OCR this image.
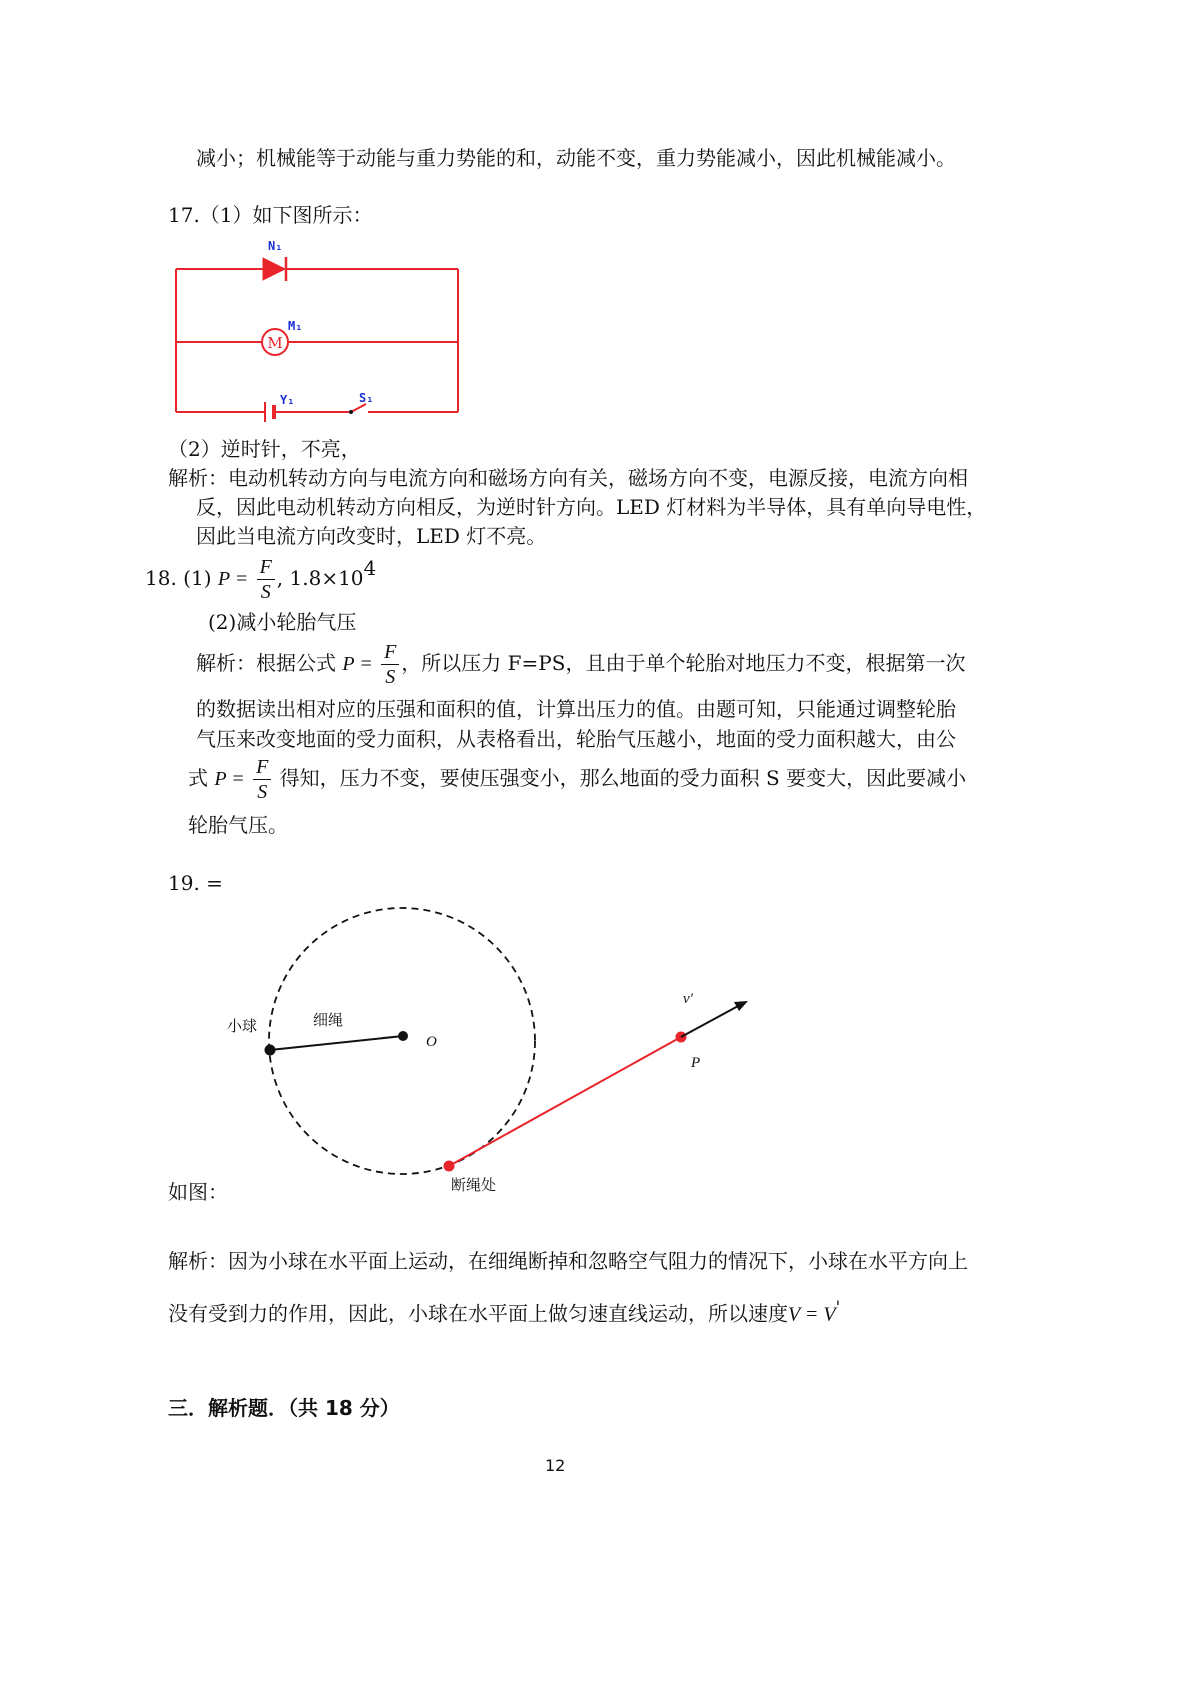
减小；机械能等于动能与重力势能的和，动能不变，重力势能减小，因此机械能减小。
17.（1）如下图所示：
N₁
M
M₁
Y₁	S₁
（2）逆时针，不亮，
解析：电动机转动方向与电流方向和磁场方向有关，磁场方向不变，电源反接，电流方向相
反，因此电动机转动方向相反，为逆时针方向。LED 灯材料为半导体，具有单向导电性，
因此当电流方向改变时，LED 灯不亮。
18. (1) $P = \frac{F}{S}$ , $1.8\times 10^4$
(2)减小轮胎气压
解析：根据公式 $P = \frac{F}{S}$ ，所以压力 F=PS，且由于单个轮胎对地压力不变，根据第一次
的数据读出相对应的压强和面积的值，计算出压力的值。由题可知，只能通过调整轮胎
气压来改变地面的受力面积，从表格看出，轮胎气压越小，地面的受力面积越大，由公
式 $P = \frac{F}{S}$ 得知，压力不变，要使压强变小，那么地面的受力面积 S 要变大，因此要减小
轮胎气压。
19. =
小球	细绳
O
断绳处
v'
P
如图：
解析：因为小球在水平面上运动，在细绳断掉和忽略空气阻力的情况下，小球在水平方向上
没有受到力的作用，因此，小球在水平面上做匀速直线运动，所以速度V = V'
三．解析题．（共 18 分）
12
